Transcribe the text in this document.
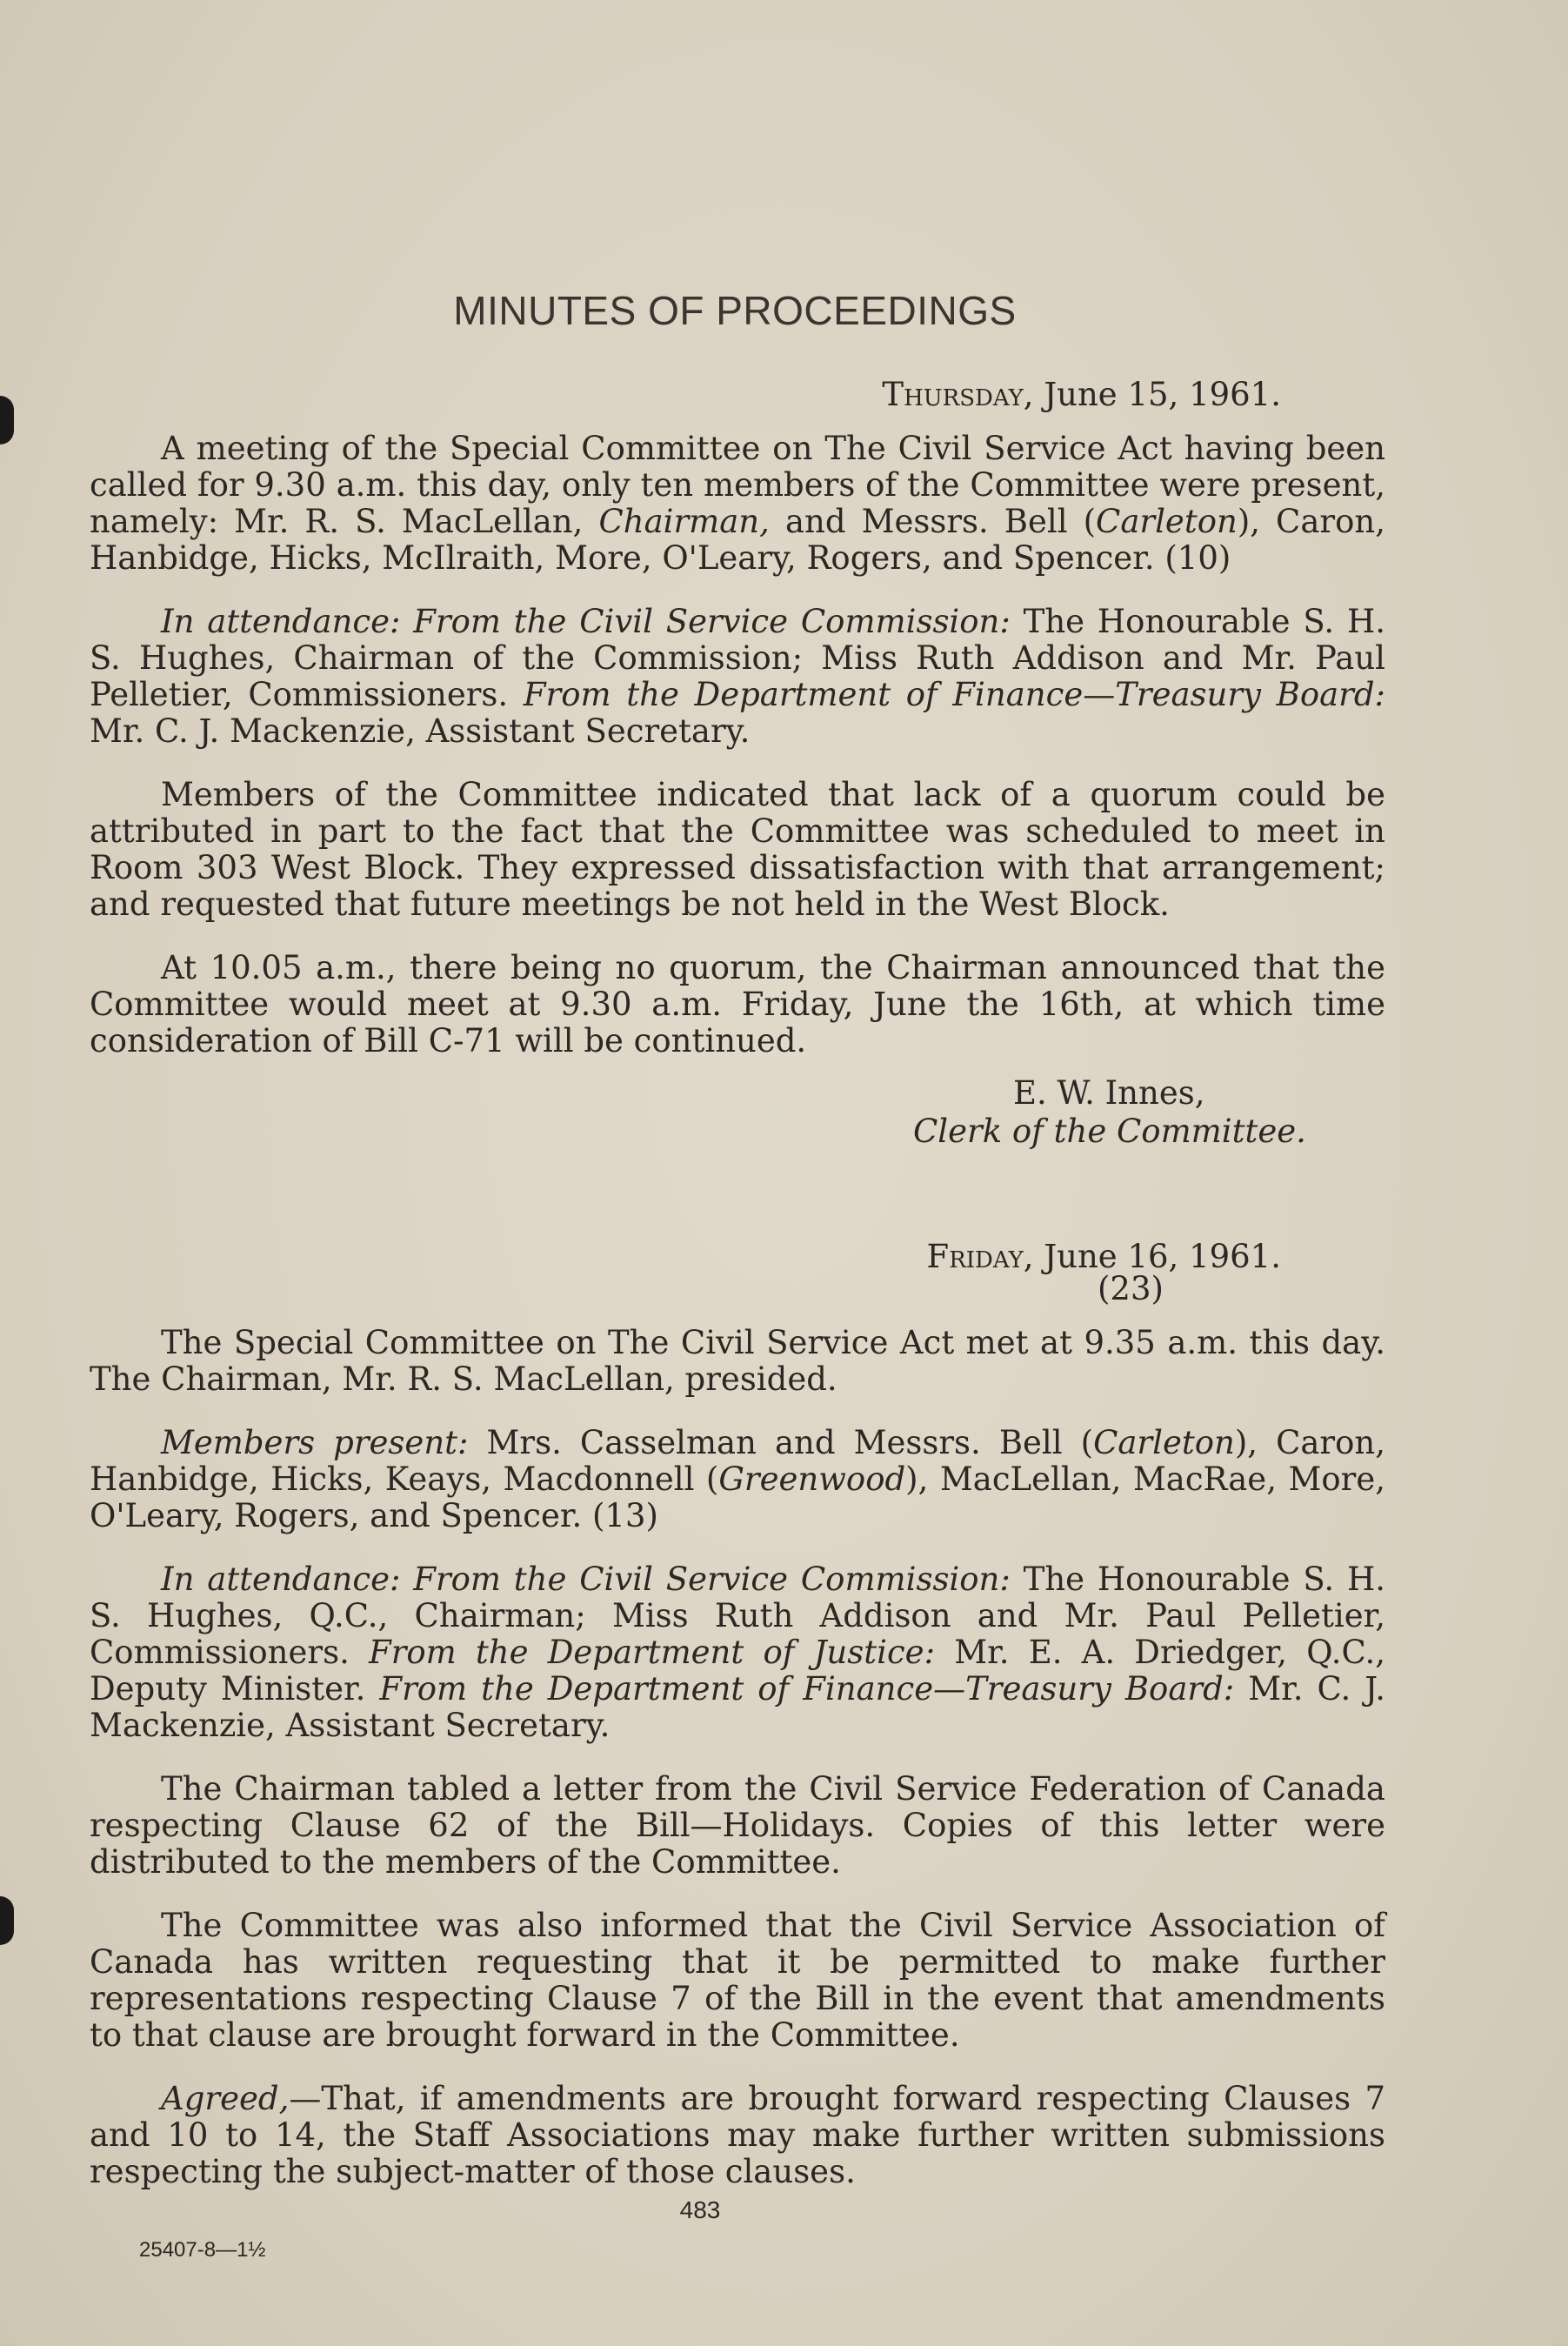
MINUTES OF PROCEEDINGS
Thursday, June 15, 1961.

A meeting of the Special Committee on The Civil Service Act having been called for 9.30 a.m. this day, only ten members of the Committee were present, namely: Mr. R. S. MacLellan, Chairman, and Messrs. Bell (Carleton), Caron, Hanbidge, Hicks, McIlraith, More, O'Leary, Rogers, and Spencer. (10)

In attendance: From the Civil Service Commission: The Honourable S. H. S. Hughes, Chairman of the Commission; Miss Ruth Addison and Mr. Paul Pelletier, Commissioners. From the Department of Finance—Treasury Board: Mr. C. J. Mackenzie, Assistant Secretary.

Members of the Committee indicated that lack of a quorum could be attributed in part to the fact that the Committee was scheduled to meet in Room 303 West Block. They expressed dissatisfaction with that arrangement; and requested that future meetings be not held in the West Block.

At 10.05 a.m., there being no quorum, the Chairman announced that the Committee would meet at 9.30 a.m. Friday, June the 16th, at which time consideration of Bill C-71 will be continued.

E. W. Innes,
Clerk of the Committee.
Friday, June 16, 1961.
(23)

The Special Committee on The Civil Service Act met at 9.35 a.m. this day. The Chairman, Mr. R. S. MacLellan, presided.

Members present: Mrs. Casselman and Messrs. Bell (Carleton), Caron, Hanbidge, Hicks, Keays, Macdonnell (Greenwood), MacLellan, MacRae, More, O'Leary, Rogers, and Spencer. (13)

In attendance: From the Civil Service Commission: The Honourable S. H. S. Hughes, Q.C., Chairman; Miss Ruth Addison and Mr. Paul Pelletier, Commissioners. From the Department of Justice: Mr. E. A. Driedger, Q.C., Deputy Minister. From the Department of Finance—Treasury Board: Mr. C. J. Mackenzie, Assistant Secretary.

The Chairman tabled a letter from the Civil Service Federation of Canada respecting Clause 62 of the Bill—Holidays. Copies of this letter were distributed to the members of the Committee.

The Committee was also informed that the Civil Service Association of Canada has written requesting that it be permitted to make further representations respecting Clause 7 of the Bill in the event that amendments to that clause are brought forward in the Committee.

Agreed,—That, if amendments are brought forward respecting Clauses 7 and 10 to 14, the Staff Associations may make further written submissions respecting the subject-matter of those clauses.

483
25407-8—1½
